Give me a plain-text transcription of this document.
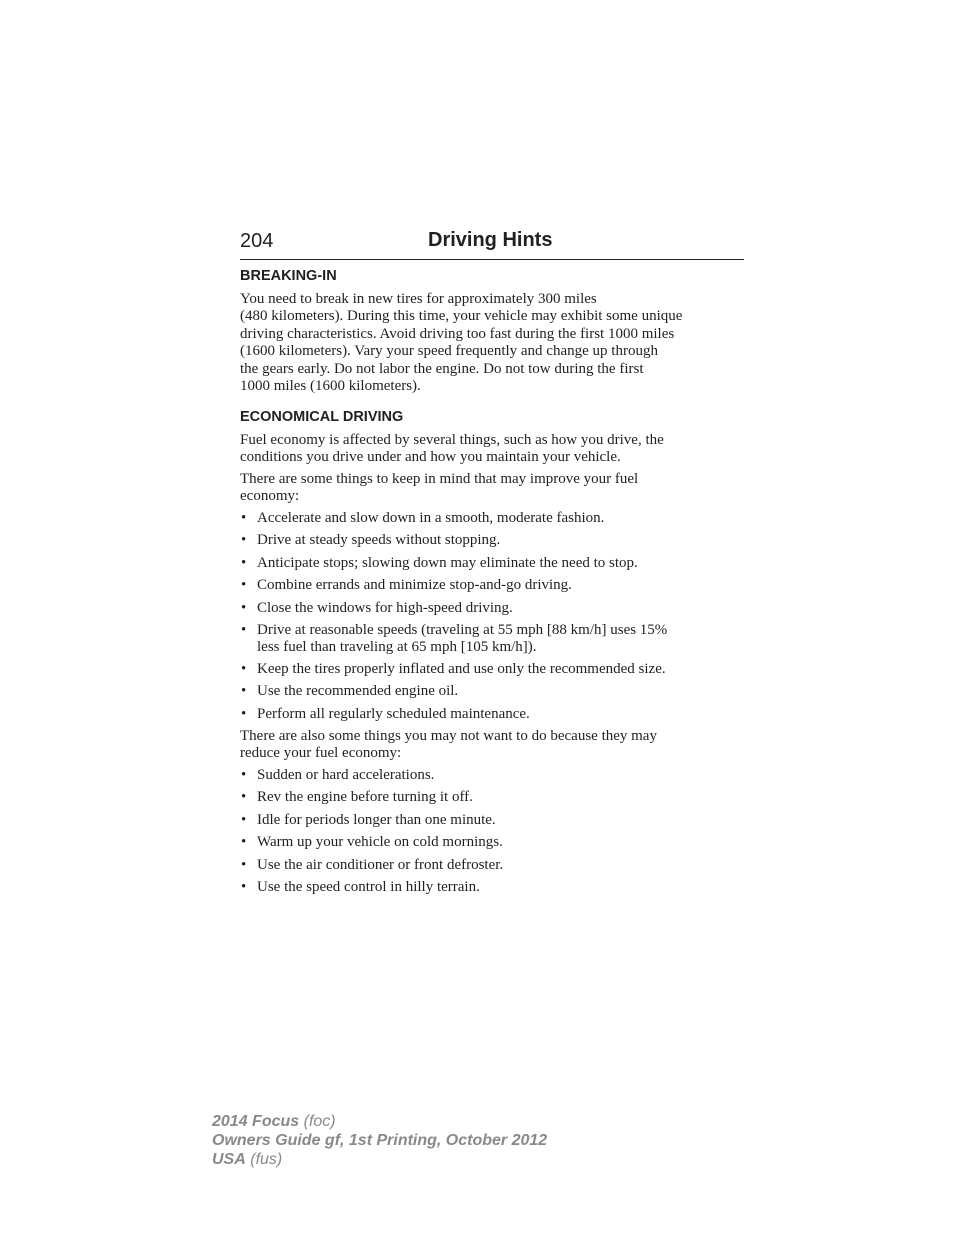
204	Driving Hints
BREAKING-IN

You need to break in new tires for approximately 300 miles
(480 kilometers). During this time, your vehicle may exhibit some unique
driving characteristics. Avoid driving too fast during the first 1000 miles
(1600 kilometers). Vary your speed frequently and change up through
the gears early. Do not labor the engine. Do not tow during the first
1000 miles (1600 kilometers).

ECONOMICAL DRIVING

Fuel economy is affected by several things, such as how you drive, the
conditions you drive under and how you maintain your vehicle.

There are some things to keep in mind that may improve your fuel
economy:

• Accelerate and slow down in a smooth, moderate fashion.
• Drive at steady speeds without stopping.
• Anticipate stops; slowing down may eliminate the need to stop.
• Combine errands and minimize stop-and-go driving.
• Close the windows for high-speed driving.
• Drive at reasonable speeds (traveling at 55 mph [88 km/h] uses 15%
less fuel than traveling at 65 mph [105 km/h]).
• Keep the tires properly inflated and use only the recommended size.
• Use the recommended engine oil.
• Perform all regularly scheduled maintenance.

There are also some things you may not want to do because they may
reduce your fuel economy:

• Sudden or hard accelerations.
• Rev the engine before turning it off.
• Idle for periods longer than one minute.
• Warm up your vehicle on cold mornings.
• Use the air conditioner or front defroster.
• Use the speed control in hilly terrain.
2014 Focus (foc)
Owners Guide gf, 1st Printing, October 2012
USA (fus)
